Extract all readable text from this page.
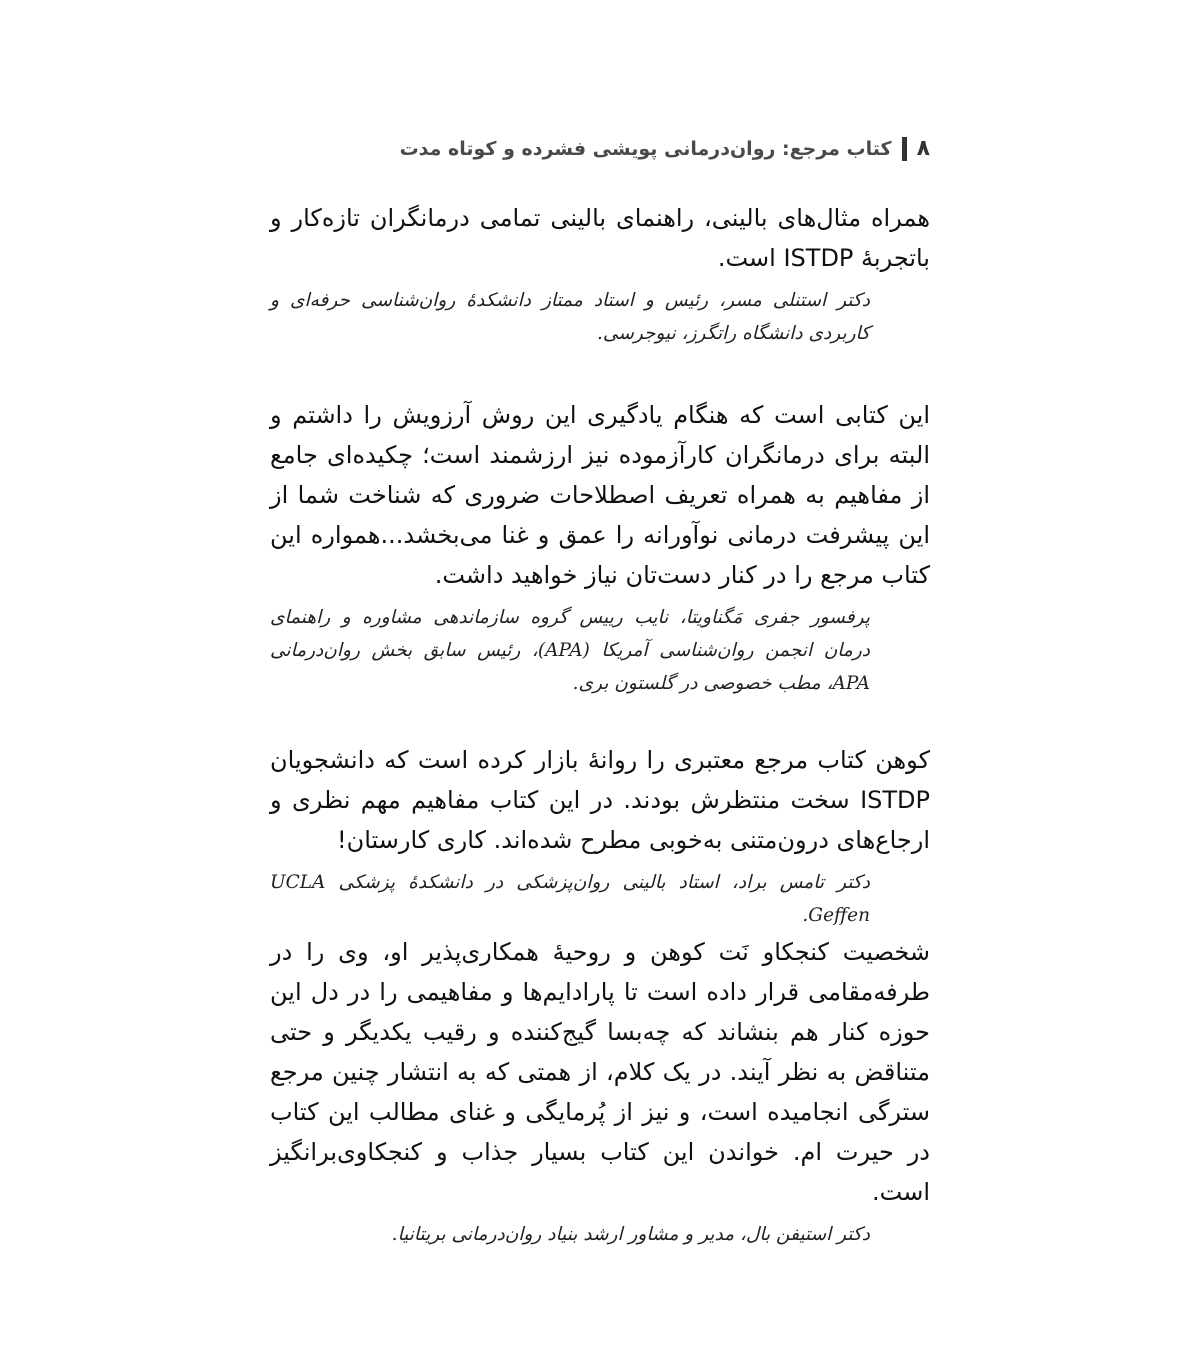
۸
کتاب مرجع: روان‌درمانی پویشی فشرده و کوتاه مدت

همراه مثال‌های بالینی، راهنمای بالینی تمامی درمانگران تازه‌کار و باتجربهٔ ISTDP است.

دکتر استنلی مسر، رئیس و استاد ممتاز دانشکدهٔ روان‌شناسی حرفه‌ای و کاربردی دانشگاه راتگرز، نیوجرسی.

این کتابی است که هنگام یادگیری این روش آرزویش را داشتم و البته برای درمانگران کارآزموده نیز ارزشمند است؛ چکیده‌ای جامع از مفاهیم به همراه تعریف اصطلاحات ضروری که شناخت شما از این پیشرفت درمانی نوآورانه را عمق و غنا می‌بخشد...همواره این کتاب مرجع را در کنار دست‌تان نیاز خواهید داشت.

پرفسور جفری مَگناویتا، نایب رییس گروه سازماندهی مشاوره و راهنمای درمان انجمن روان‌شناسی آمریکا (APA)، رئیس سابق بخش روان‌درمانی APA، مطب خصوصی در گلستون بری.

کوهن کتاب مرجع معتبری را روانهٔ بازار کرده است که دانشجویان ISTDP سخت منتظرش بودند. در این کتاب مفاهیم مهم نظری و ارجاع‌های درون‌متنی به‌خوبی مطرح شده‌اند. کاری کارستان!

دکتر تامس براد، استاد بالینی روان‌پزشکی در دانشکدهٔ پزشکی UCLA Geffen.

شخصیت کنجکاو نَت کوهن و روحیهٔ همکاری‌پذیر او، وی را در طرفه‌مقامی قرار داده است تا پارادایم‌ها و مفاهیمی را در دل این حوزه کنار هم بنشاند که چه‌بسا گیج‌کننده و رقیب یکدیگر و حتی متناقض به نظر آیند. در یک کلام، از همتی که به انتشار چنین مرجع سترگی انجامیده است، و نیز از پُرمایگی و غنای مطالب این کتاب در حیرت ام. خواندن این کتاب بسیار جذاب و کنجکاوی‌برانگیز است.

دکتر استیفن بال، مدیر و مشاور ارشد بنیاد روان‌درمانی بریتانیا.
